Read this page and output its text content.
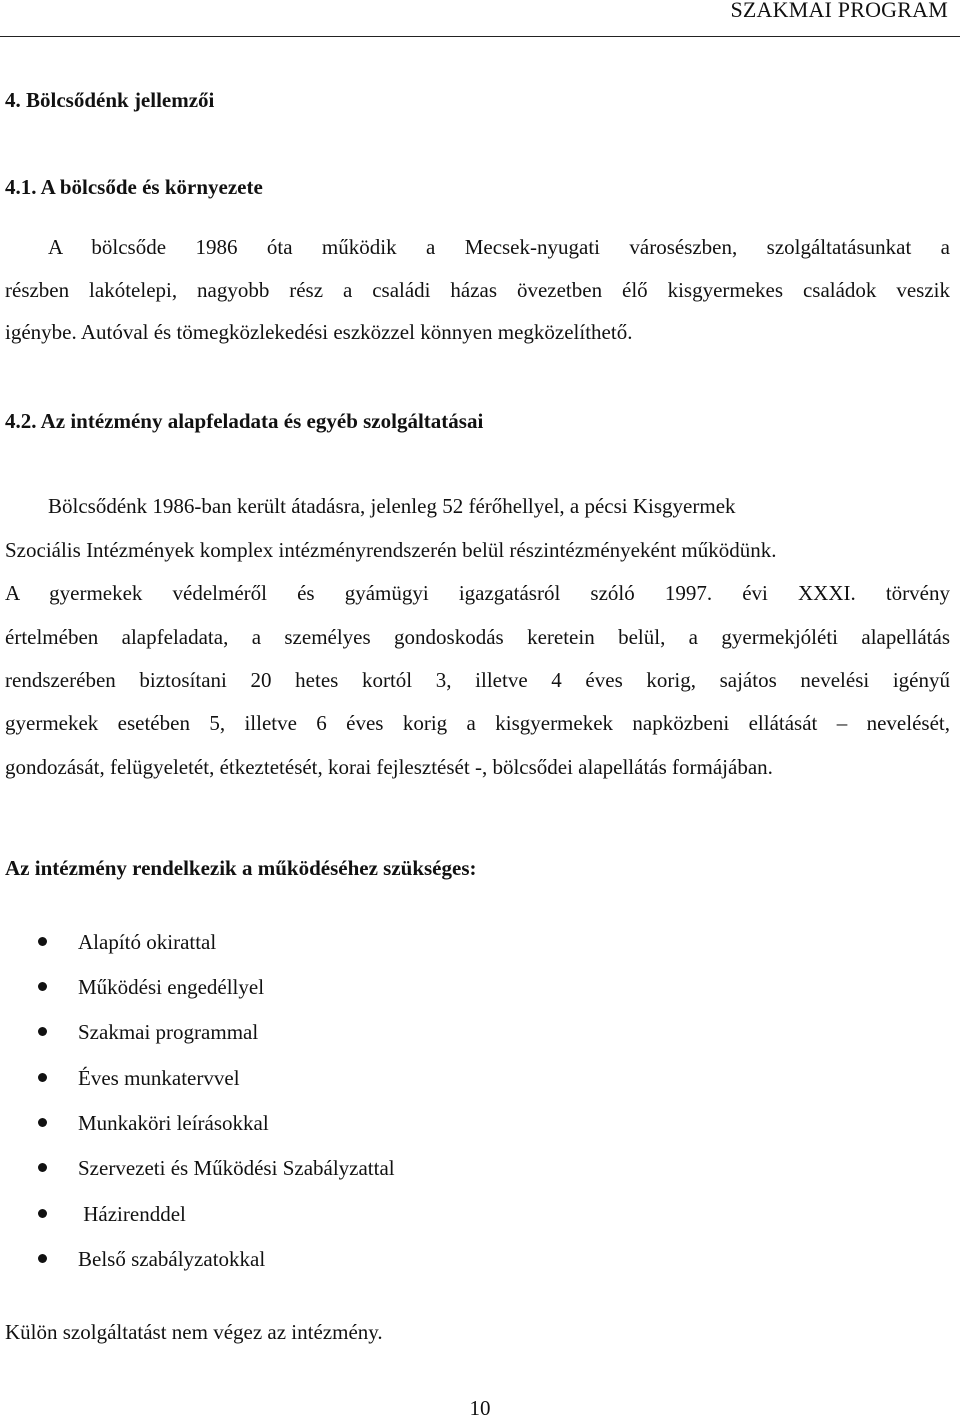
SZAKMAI PROGRAM
4. Bölcsődénk jellemzői
4.1. A bölcsőde és környezete
A bölcsőde 1986 óta működik a Mecsek-nyugati városészben, szolgáltatásunkat a
részben lakótelepi, nagyobb rész a családi házas övezetben élő kisgyermekes családok veszik
igénybe. Autóval és tömegközlekedési eszközzel könnyen megközelíthető.
4.2. Az intézmény alapfeladata és egyéb szolgáltatásai
Bölcsődénk 1986-ban került átadásra, jelenleg 52 férőhellyel, a pécsi Kisgyermek
Szociális Intézmények komplex intézményrendszerén belül részintézményeként működünk.
A gyermekek védelméről és gyámügyi igazgatásról szóló 1997. évi XXXI. törvény
értelmében alapfeladata, a személyes gondoskodás keretein belül, a gyermekjóléti alapellátás
rendszerében biztosítani 20 hetes kortól 3, illetve 4 éves korig, sajátos nevelési igényű
gyermekek esetében 5, illetve 6 éves korig a kisgyermekek napközbeni ellátását – nevelését,
gondozását, felügyeletét, étkeztetését, korai fejlesztését -, bölcsődei alapellátás formájában.
Az intézmény rendelkezik a működéséhez szükséges:
Alapító okirattal
Működési engedéllyel
Szakmai programmal
Éves munkatervvel
Munkaköri leírásokkal
Szervezeti és Működési Szabályzattal
Házirenddel
Belső szabályzatokkal
Külön szolgáltatást nem végez az intézmény.
10
